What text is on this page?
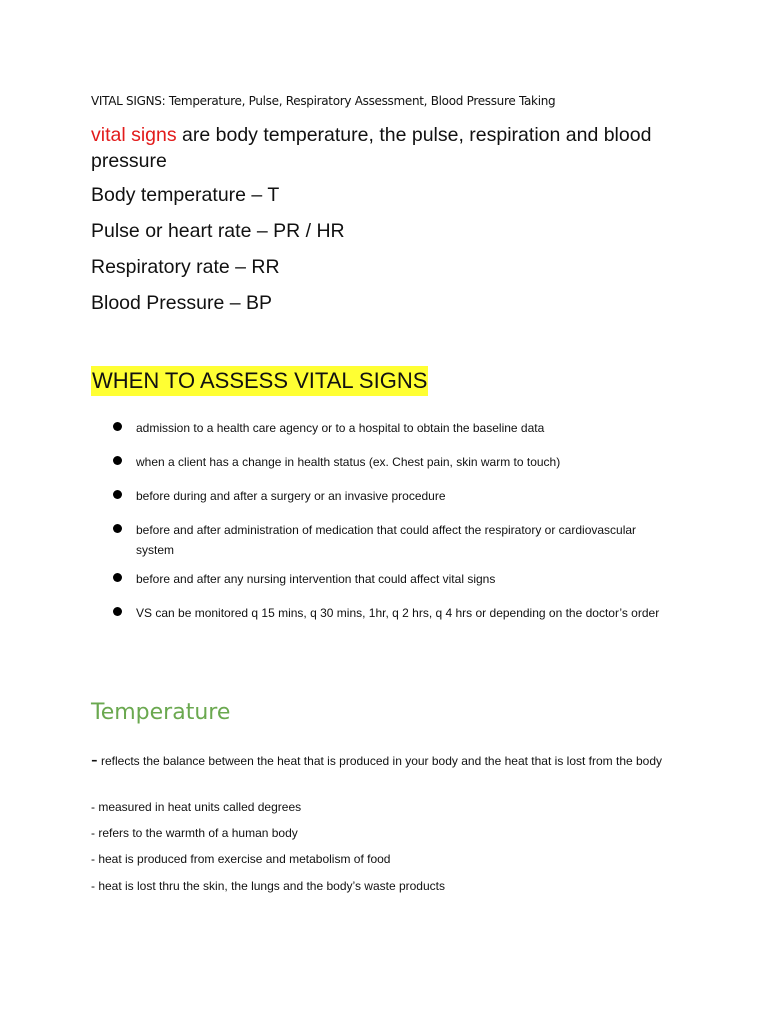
VITAL SIGNS: Temperature, Pulse, Respiratory Assessment, Blood Pressure Taking
vital signs are body temperature, the pulse, respiration and blood pressure
Body temperature – T
Pulse or heart rate – PR / HR
Respiratory rate – RR
Blood Pressure – BP
WHEN TO ASSESS VITAL SIGNS
admission to a health care agency or to a hospital to obtain the baseline data
when a client has a change in health status (ex. Chest pain, skin warm to touch)
before during and after a surgery or an invasive procedure
before and after administration of medication that could affect the respiratory or cardiovascular system
before and after any nursing intervention that could affect vital signs
VS can be monitored q 15 mins, q 30 mins, 1hr, q 2 hrs, q 4 hrs or depending on the doctor’s order
Temperature
- reflects the balance between the heat that is produced in your body and the heat that is lost from the body
- measured in heat units called degrees
- refers to the warmth of a human body
- heat is produced from exercise and metabolism of food
- heat is lost thru the skin, the lungs and the body’s waste products
